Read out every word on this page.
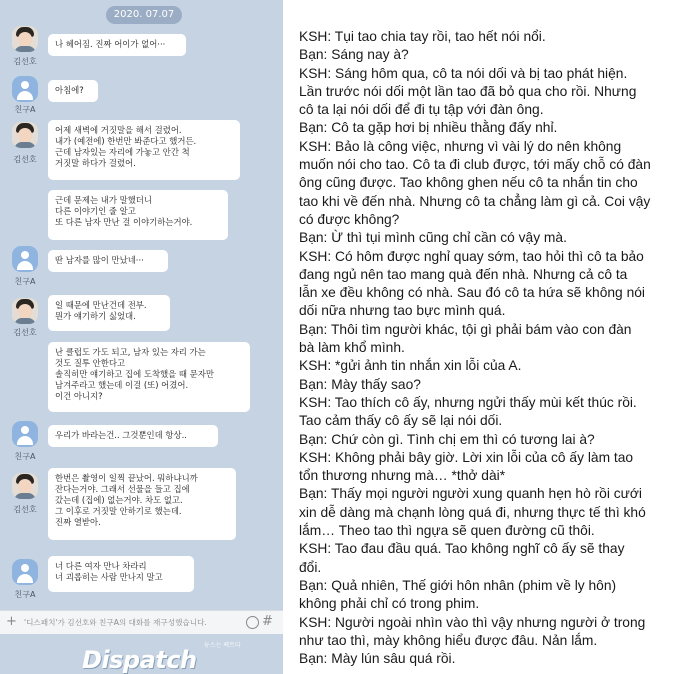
2020. 07.07
김선호
나 헤어짐. 진짜 어이가 없어···
친구A
아침에?
김선호
어제 새벽에 거짓말을 해서 걸렸어.
내가 (예전에) 한번만 봐준다고 했거든.
근데 남자있는 자리에 가놓고 안간 척
거짓말 하다가 걸렸어.
근데 문제는 내가 말했더니
다른 이야기인 줄 알고
또 다른 남자 만난 걸 이야기하는거야.
친구A
딴 남자를 많이 만났네···
김선호
일 때문에 만난건데 전부.
뭔가 얘기하기 싫었대.
난 클럽도 가도 되고, 남자 있는 자리 가는
것도 질투 안한다고
솔직히만 얘기하고 집에 도착했을 때 문자만
남겨주라고 했는데 이걸 (또) 어겼어.
이건 아니지?
친구A
우리가 바라는건.. 그것뿐인데 항상..
김선호
한번은 촬영이 일찍 끝났어. 뭐하냐니까
잔다는거야. 그래서 선물을 들고 집에
갔는데 (집에) 없는거야. 차도 없고.
그 이후로 거짓말 안하기로 했는데.
진짜 열받아.
친구A
너 다른 여자 만나 차라리
너 괴롭히는 사람 만나지 말고
+ '디스패치'가 김선호와 친구A의 대화를 재구성했습니다.	#
뉴스는 팩트다
Dispatch
KSH: Tụi tao chia tay rồi, tao hết nói nổi.
Bạn: Sáng nay à?
KSH: Sáng hôm qua, cô ta nói dối và bị tao phát hiện.
Lần trước nói dối một lần tao đã bỏ qua cho rồi. Nhưng
cô ta lại nói dối để đi tụ tập với đàn ông.
Bạn: Cô ta gặp hơi bị nhiều thằng đấy nhỉ.
KSH: Bảo là công việc, nhưng vì vài lý do nên không
muốn nói cho tao. Cô ta đi club được, tới mấy chỗ có đàn
ông cũng được. Tao không ghen nếu cô ta nhắn tin cho
tao khi về đến nhà. Nhưng cô ta chẳng làm gì cả. Coi vậy
có được không?
Bạn: Ừ thì tụi mình cũng chỉ cần có vậy mà.
KSH: Có hôm được nghỉ quay sớm, tao hỏi thì cô ta bảo
đang ngủ nên tao mang quà đến nhà. Nhưng cả cô ta
lẫn xe đều không có nhà. Sau đó cô ta hứa sẽ không nói
dối nữa nhưng tao bực mình quá.
Bạn: Thôi tìm người khác, tội gì phải bám vào con đàn
bà làm khổ mình.
KSH: *gửi ảnh tin nhắn xin lỗi của A.
Bạn: Mày thấy sao?
KSH: Tao thích cô ấy, nhưng ngửi thấy mùi kết thúc rồi.
Tao cảm thấy cô ấy sẽ lại nói dối.
Bạn: Chứ còn gì. Tình chị em thì có tương lai à?
KSH: Không phải bây giờ. Lời xin lỗi của cô ấy làm tao
tổn thương nhưng mà… *thở dài*
Bạn: Thấy mọi người người xung quanh hẹn hò rồi cưới
xin dễ dàng mà chạnh lòng quá đi, nhưng thực tế thì khó
lắm… Theo tao thì ngựa sẽ quen đường cũ thôi.
KSH: Tao đau đầu quá. Tao không nghĩ cô ấy sẽ thay
đổi.
Bạn: Quả nhiên, Thế giới hôn nhân (phim về ly hôn)
không phải chỉ có trong phim.
KSH: Người ngoài nhìn vào thì vậy nhưng người ở trong
như tao thì, mày không hiểu được đâu. Nản lắm.
Bạn: Mày lún sâu quá rồi.
